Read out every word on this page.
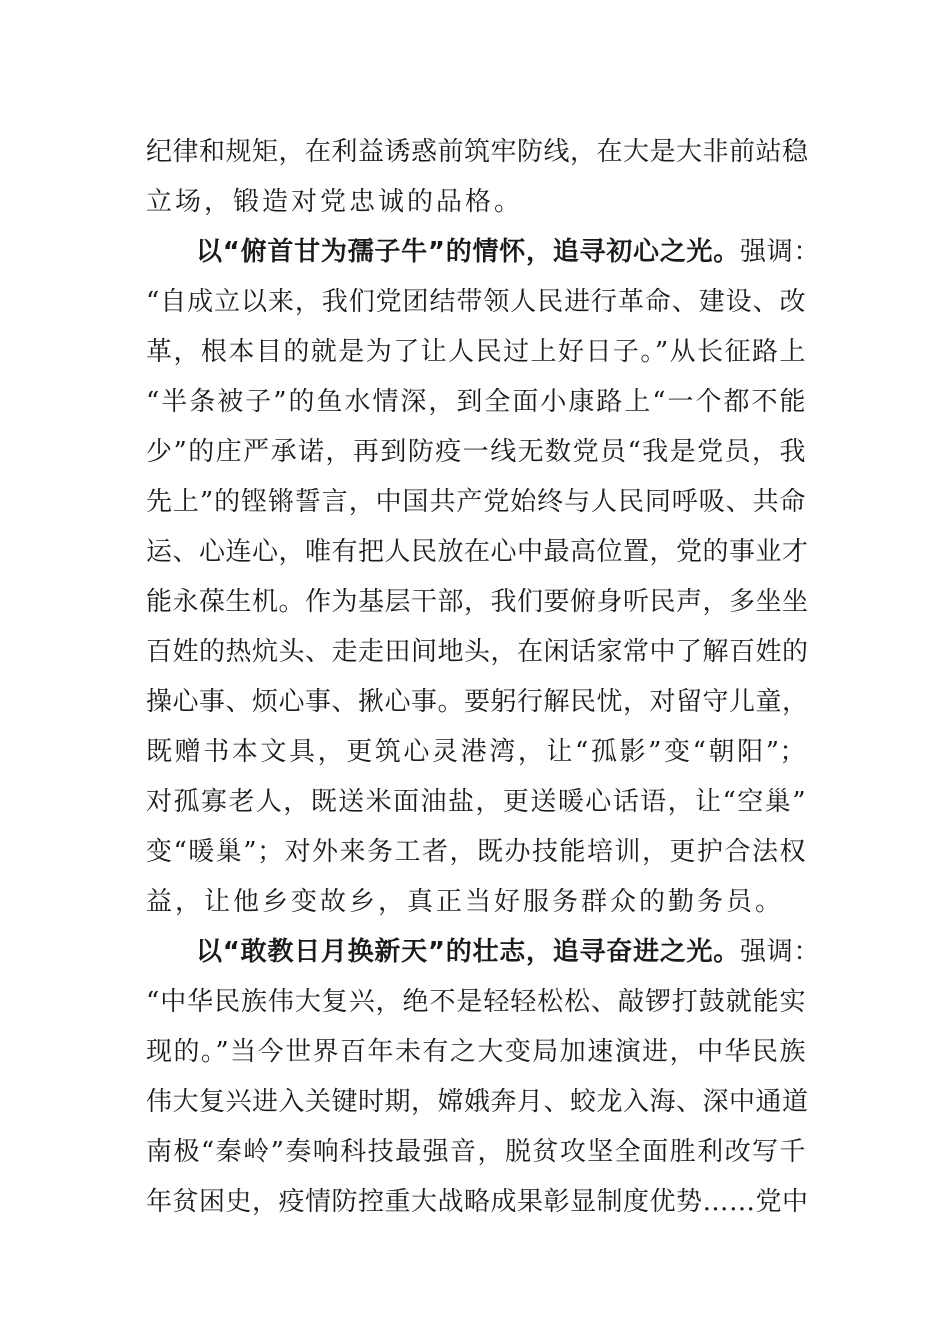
纪律和规矩，在利益诱惑前筑牢防线，在大是大非前站稳
立场，锻造对党忠诚的品格。
以“俯首甘为孺子牛”的情怀，追寻初心之光。强调：
“自成立以来，我们党团结带领人民进行革命、建设、改
革，根本目的就是为了让人民过上好日子。”从长征路上
“半条被子”的鱼水情深，到全面小康路上“一个都不能
少”的庄严承诺，再到防疫一线无数党员“我是党员，我
先上”的铿锵誓言，中国共产党始终与人民同呼吸、共命
运、心连心，唯有把人民放在心中最高位置，党的事业才
能永葆生机。作为基层干部，我们要俯身听民声，多坐坐
百姓的热炕头、走走田间地头，在闲话家常中了解百姓的
操心事、烦心事、揪心事。要躬行解民忧，对留守儿童，
既赠书本文具，更筑心灵港湾，让“孤影”变“朝阳”；
对孤寡老人，既送米面油盐，更送暖心话语，让“空巢”
变“暖巢”；对外来务工者，既办技能培训，更护合法权
益，让他乡变故乡，真正当好服务群众的勤务员。
以“敢教日月换新天”的壮志，追寻奋进之光。强调：
“中华民族伟大复兴，绝不是轻轻松松、敲锣打鼓就能实
现的。”当今世界百年未有之大变局加速演进，中华民族
伟大复兴进入关键时期，嫦娥奔月、蛟龙入海、深中通道
南极“秦岭”奏响科技最强音，脱贫攻坚全面胜利改写千
年贫困史，疫情防控重大战略成果彰显制度优势……党中
